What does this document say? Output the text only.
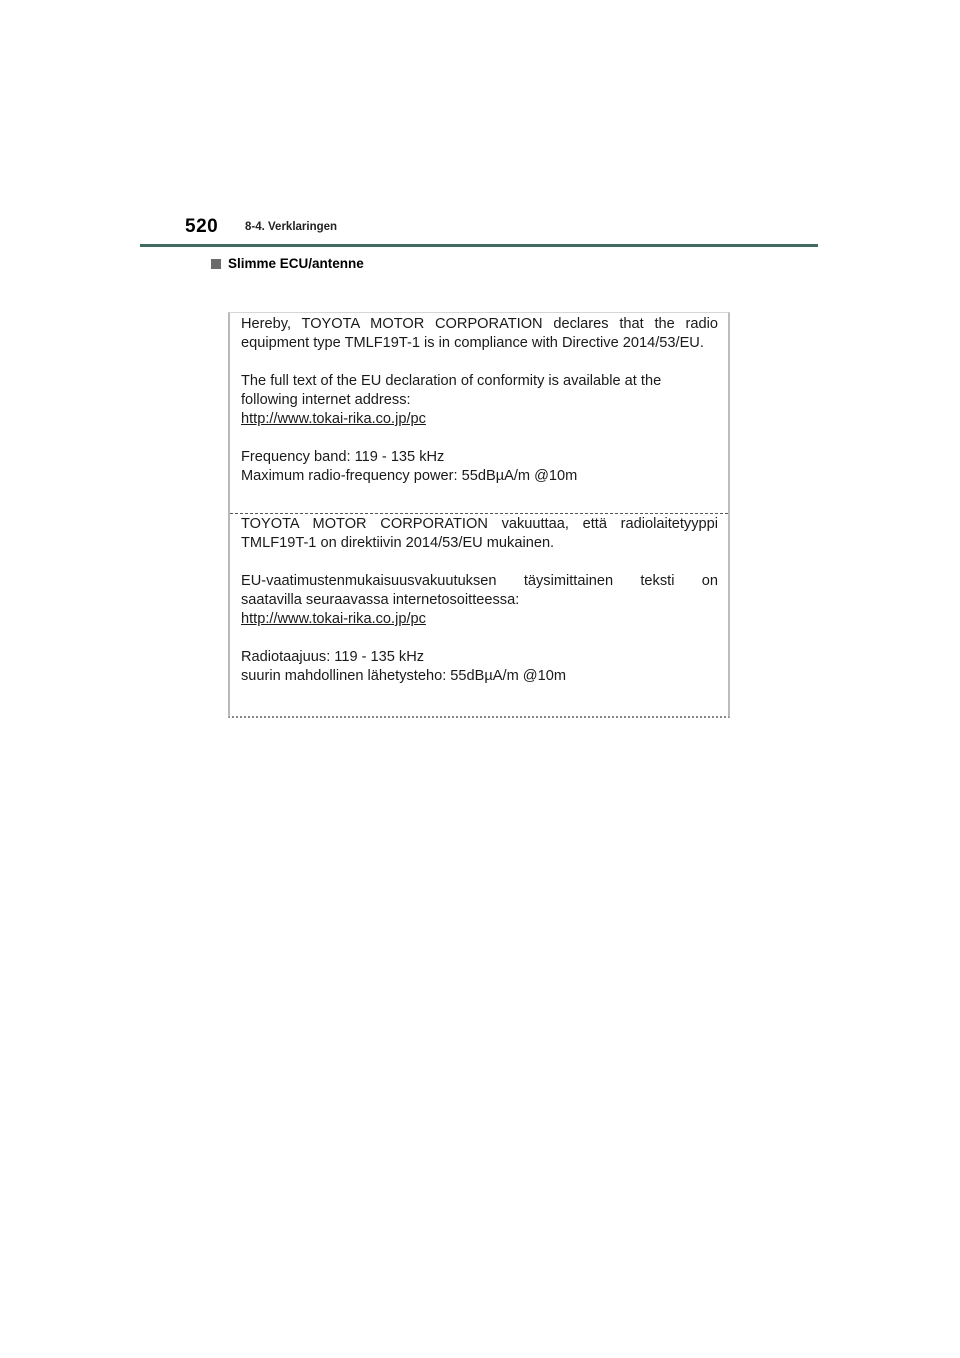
520 8-4. Verklaringen
Slimme ECU/antenne
Hereby, TOYOTA MOTOR CORPORATION declares that the radio
equipment type TMLF19T-1 is in compliance with Directive 2014/53/EU.
The full text of the EU declaration of conformity is available at the
following internet address:
http://www.tokai-rika.co.jp/pc
Frequency band: 119 - 135 kHz
Maximum radio-frequency power: 55dBµA/m @10m
TOYOTA MOTOR CORPORATION vakuuttaa, että radiolaitetyyppi
TMLF19T-1 on direktiivin 2014/53/EU mukainen.
EU-vaatimustenmukaisuusvakuutuksen täysimittainen teksti on
saatavilla seuraavassa internetosoitteessa:
http://www.tokai-rika.co.jp/pc
Radiotaajuus: 119 - 135 kHz
suurin mahdollinen lähetysteho: 55dBµA/m @10m
